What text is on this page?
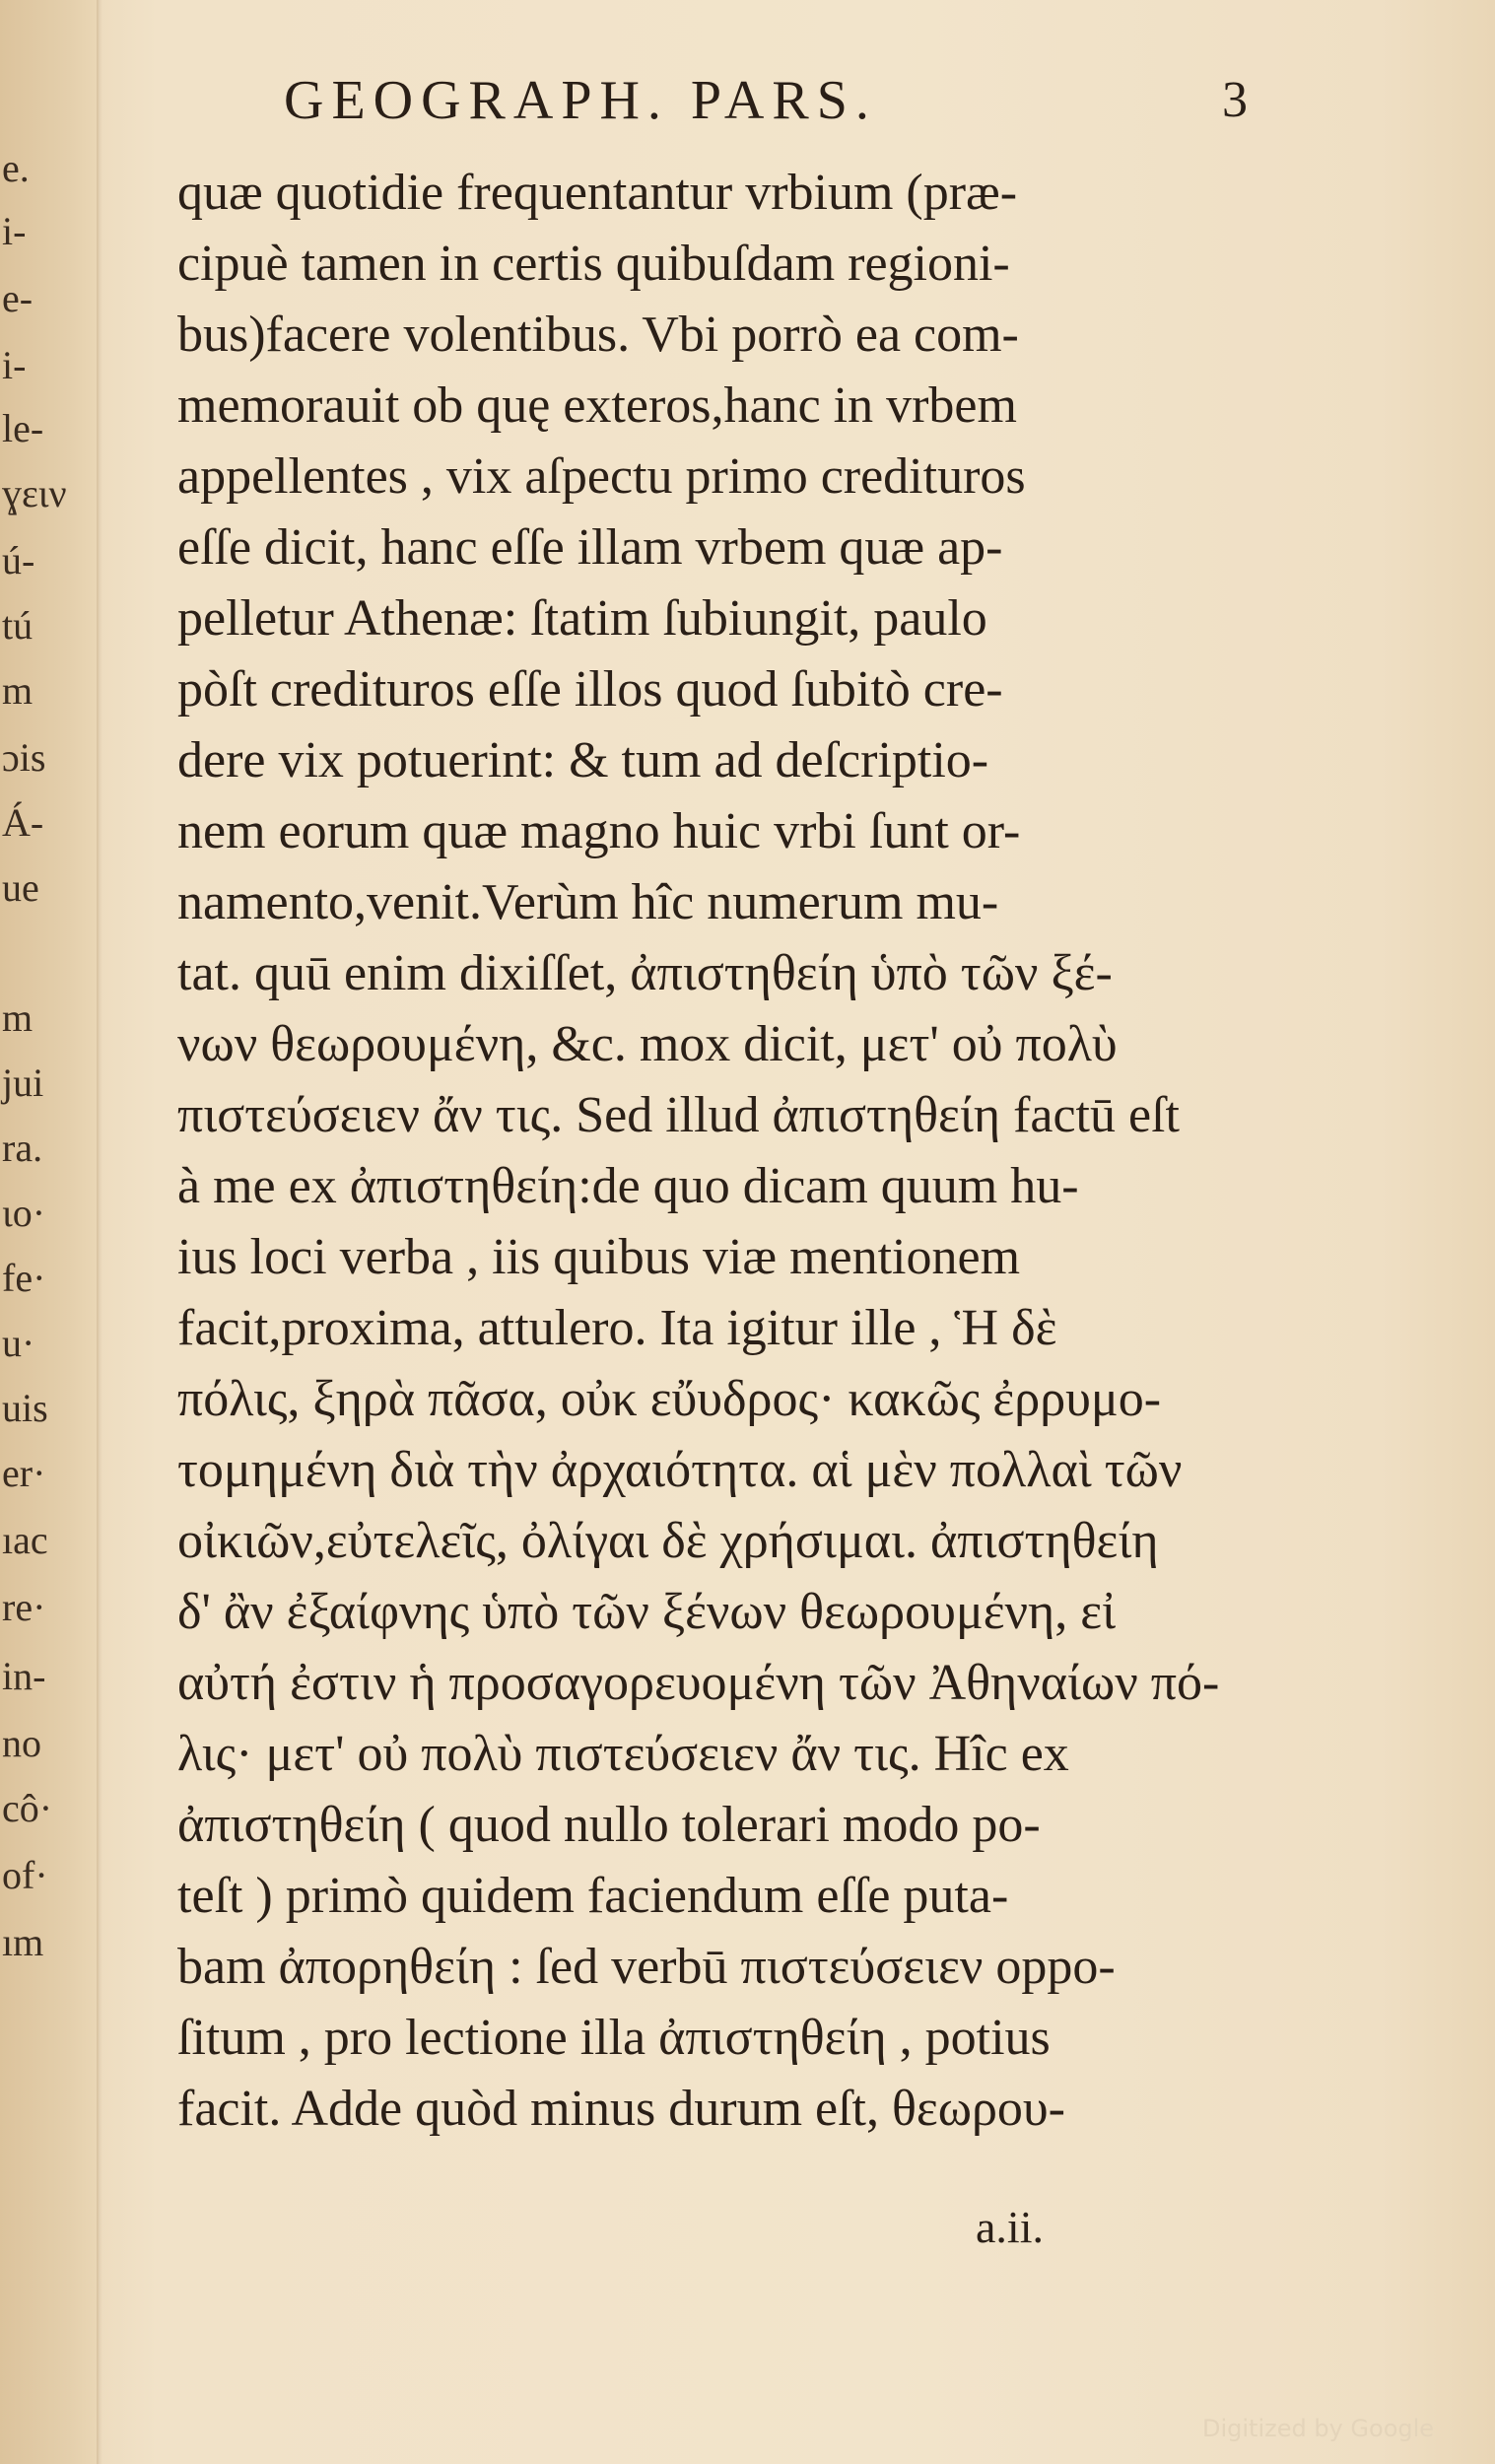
e.
i-
e-
i-
le-
ɣειν
ú-
tú
m
ɔis
Á-
ue
m
jui
ra.
ιο·
fe·
u·
uis
er·
ıac
re·
in-
no
cô·
of·
ım
GEOGRAPH. PARS.	3
quæ quotidie frequentantur vrbium (præ-
cipuè tamen in certis quibuſdam regioni-
bus)facere volentibus. Vbi porrò ea com-
memorauit ob quę exteros,hanc in vrbem
appellentes , vix aſpectu primo credituros
eſſe dicit, hanc eſſe illam vrbem quæ ap-
pelletur Athenæ: ſtatim ſubiungit, paulo
pòſt credituros eſſe illos quod ſubitò cre-
dere vix potuerint: & tum ad deſcriptio-
nem eorum quæ magno huic vrbi ſunt or-
namento,venit.Verùm hîc numerum mu-
tat. quū enim dixiſſet, ἀπιστηθείη ὑπὸ τῶν ξέ-
νων θεωρουμένη, &c. mox dicit, μετ' οὐ πολὺ
πιστεύσειεν ἄν τις. Sed illud ἀπιστηθείη factū eſt
à me ex ἀπιστηθείη:de quo dicam quum hu-
ius loci verba , iis quibus viæ mentionem
facit,proxima, attulero. Ita igitur ille , Ἡ δὲ
πόλις, ξηρὰ πᾶσα, οὐκ εὔυδρος· κακῶς ἐρρυμο-
τομημένη διὰ τὴν ἀρχαιότητα. αἱ μὲν πολλαὶ τῶν
οἰκιῶν,εὐτελεῖς, ὀλίγαι δὲ χρήσιμαι. ἀπιστηθείη
δ' ἂν ἐξαίφνης ὑπὸ τῶν ξένων θεωρουμένη, εἰ
αὐτή ἐστιν ἡ προσαγορευομένη τῶν Ἀθηναίων πό-
λις· μετ' οὐ πολὺ πιστεύσειεν ἄν τις. Hîc ex
ἀπιστηθείη ( quod nullo tolerari modo po-
teſt ) primò quidem faciendum eſſe puta-
bam ἀπορηθείη : ſed verbū πιστεύσειεν oppo-
ſitum , pro lectione illa ἀπιστηθείη , potius
facit. Adde quòd minus durum eſt, θεωρου-
a.ii.
Digitized by Google
